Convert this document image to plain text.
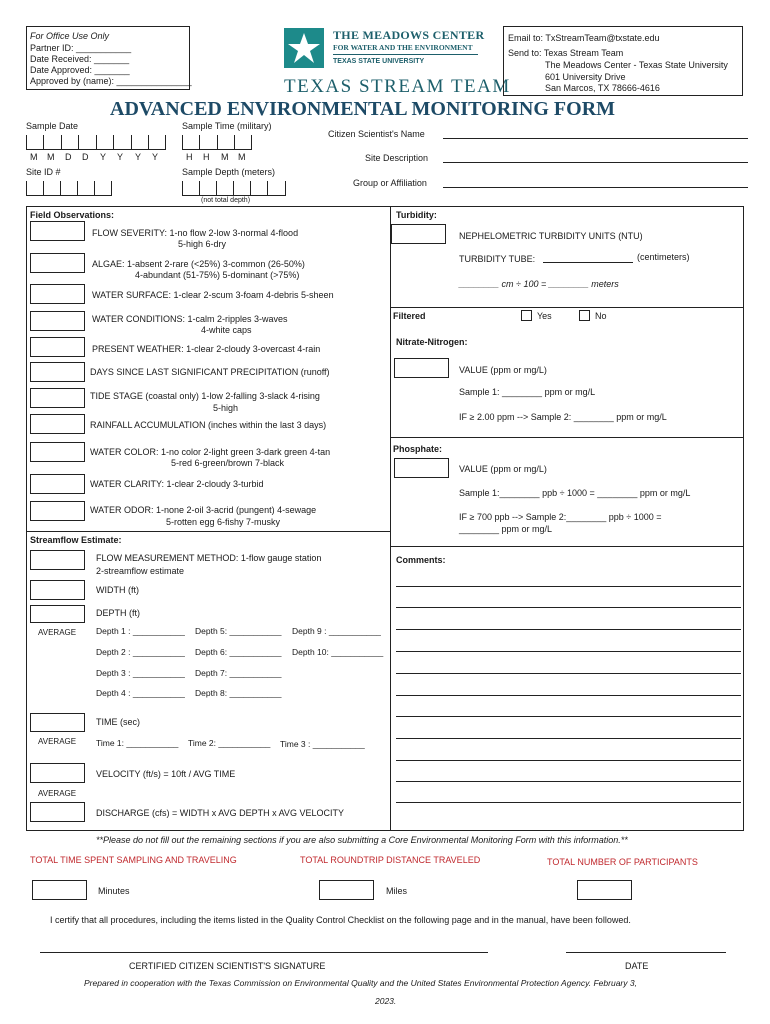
For Office Use Only
Partner ID: ___________
Date Received: _______
Date Approved: _______
Approved by (name): _______________
THE MEADOWS CENTER
FOR WATER AND THE ENVIRONMENT
TEXAS STATE UNIVERSITY
TEXAS STREAM TEAM
Email to: TxStreamTeam@txstate.edu
Send to: Texas Stream Team
The Meadows Center - Texas State University
601 University Drive
San Marcos, TX 78666-4616
ADVANCED ENVIRONMENTAL MONITORING FORM
Sample Date
M M D D Y Y Y Y
Sample Time (military)
H H M M
Site ID #	Sample Depth (meters)
(not total depth)
Citizen Scientist's Name
Site Description
Group or Affiliation
Field Observations:
FLOW SEVERITY: 1-no flow 2-low 3-normal 4-flood
5-high 6-dry
ALGAE: 1-absent 2-rare (<25%) 3-common (26-50%)
4-abundant (51-75%) 5-dominant (>75%)
WATER SURFACE: 1-clear 2-scum 3-foam 4-debris 5-sheen
WATER CONDITIONS: 1-calm 2-ripples 3-waves
4-white caps
PRESENT WEATHER: 1-clear 2-cloudy 3-overcast 4-rain
DAYS SINCE LAST SIGNIFICANT PRECIPITATION (runoff)
TIDE STAGE (coastal only) 1-low 2-falling 3-slack 4-rising
5-high
RAINFALL ACCUMULATION (inches within the last 3 days)
WATER COLOR: 1-no color 2-light green 3-dark green 4-tan
5-red 6-green/brown 7-black
WATER CLARITY: 1-clear 2-cloudy 3-turbid
WATER ODOR: 1-none 2-oil 3-acrid (pungent) 4-sewage
5-rotten egg 6-fishy 7-musky
Turbidity:
NEPHELOMETRIC TURBIDITY UNITS (NTU)
TURBIDITY TUBE:	(centimeters)
________ cm ÷ 100 = ________ meters
Filtered	Yes	No
Nitrate-Nitrogen:
VALUE (ppm or mg/L)
Sample 1: ________ ppm or mg/L
IF ≥ 2.00 ppm --> Sample 2: ________ ppm or mg/L
Phosphate:
VALUE (ppm or mg/L)
Sample 1:________ ppb ÷ 1000 = ________ ppm or mg/L
IF ≥ 700 ppb --> Sample 2:________ ppb ÷ 1000 =
________ ppm or mg/L
Comments:
Streamflow Estimate:
FLOW MEASUREMENT METHOD: 1-flow gauge station
2-streamflow estimate
WIDTH (ft)
DEPTH (ft)
AVERAGE Depth 1 : ___________ Depth 5: ___________ Depth 9 : ___________
Depth 2 : ___________ Depth 6: ___________ Depth 10: ___________
Depth 3 : ___________ Depth 7: ___________
Depth 4 : ___________ Depth 8: ___________
TIME (sec)
AVERAGE Time 1: ___________ Time 2: ___________ Time 3 : ___________
VELOCITY (ft/s) = 10ft / AVG TIME
AVERAGE
DISCHARGE (cfs) = WIDTH x AVG DEPTH x AVG VELOCITY
**Please do not fill out the remaining sections if you are also submitting a Core Environmental Monitoring Form with this information.**
TOTAL TIME SPENT SAMPLING AND TRAVELING	TOTAL ROUNDTRIP DISTANCE TRAVELED	TOTAL NUMBER OF PARTICIPANTS
Minutes	Miles
I certify that all procedures, including the items listed in the Quality Control Checklist on the following page and in the manual, have been followed.
CERTIFIED CITIZEN SCIENTIST'S SIGNATURE	DATE
Prepared in cooperation with the Texas Commission on Environmental Quality and the United States Environmental Protection Agency. February 3,
2023.
